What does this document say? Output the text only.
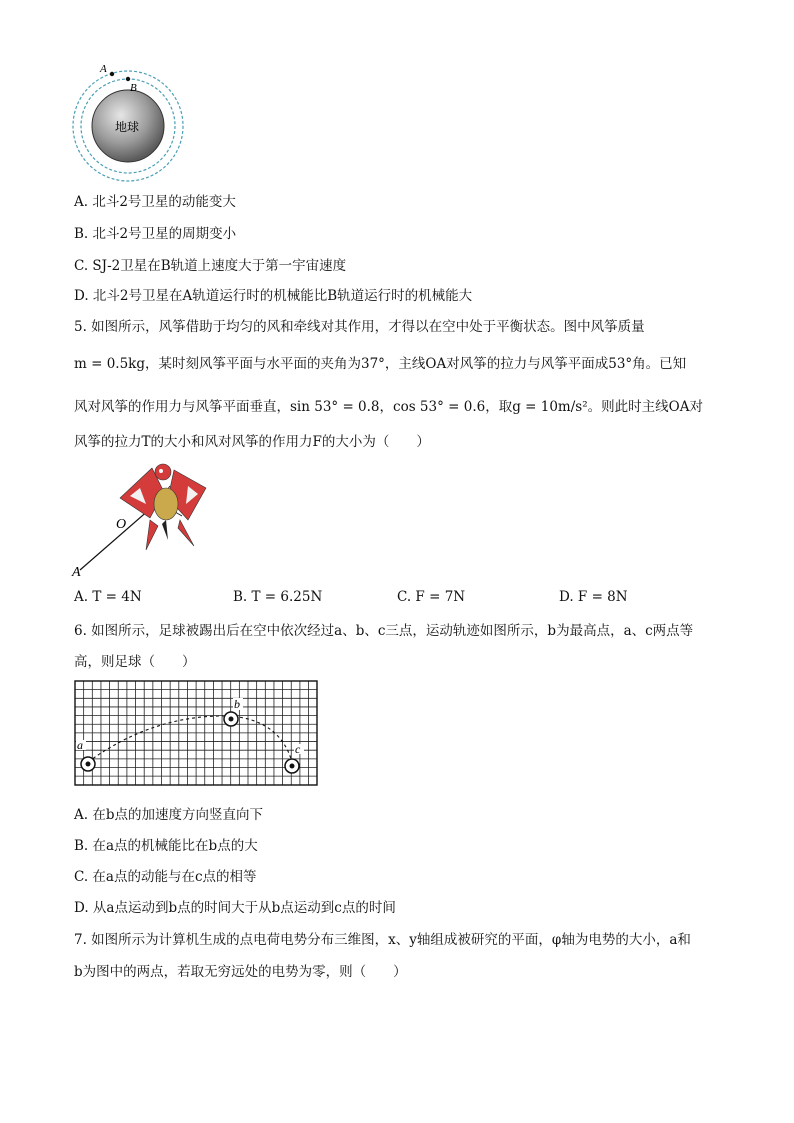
A
B
地球
A. 北斗2号卫星的动能变大
B. 北斗2号卫星的周期变小
C. SJ-2卫星在B轨道上速度大于第一宇宙速度
D. 北斗2号卫星在A轨道运行时的机械能比B轨道运行时的机械能大
5. 如图所示，风筝借助于均匀的风和牵线对其作用，才得以在空中处于平衡状态。图中风筝质量
m = 0.5kg，某时刻风筝平面与水平面的夹角为37°，主线OA对风筝的拉力与风筝平面成53°角。已知
风对风筝的作用力与风筝平面垂直，sin 53° = 0.8，cos 53° = 0.6，取g = 10m/s²。则此时主线OA对
风筝的拉力T的大小和风对风筝的作用力F的大小为（　　）
O
A
A. T = 4N	B. T = 6.25N	C. F = 7N	D. F = 8N
6. 如图所示，足球被踢出后在空中依次经过a、b、c三点，运动轨迹如图所示，b为最高点，a、c两点等
高，则足球（　　）
a
b
c
A. 在b点的加速度方向竖直向下
B. 在a点的机械能比在b点的大
C. 在a点的动能与在c点的相等
D. 从a点运动到b点的时间大于从b点运动到c点的时间
7. 如图所示为计算机生成的点电荷电势分布三维图，x、y轴组成被研究的平面，φ轴为电势的大小，a和
b为图中的两点，若取无穷远处的电势为零，则（　　）
